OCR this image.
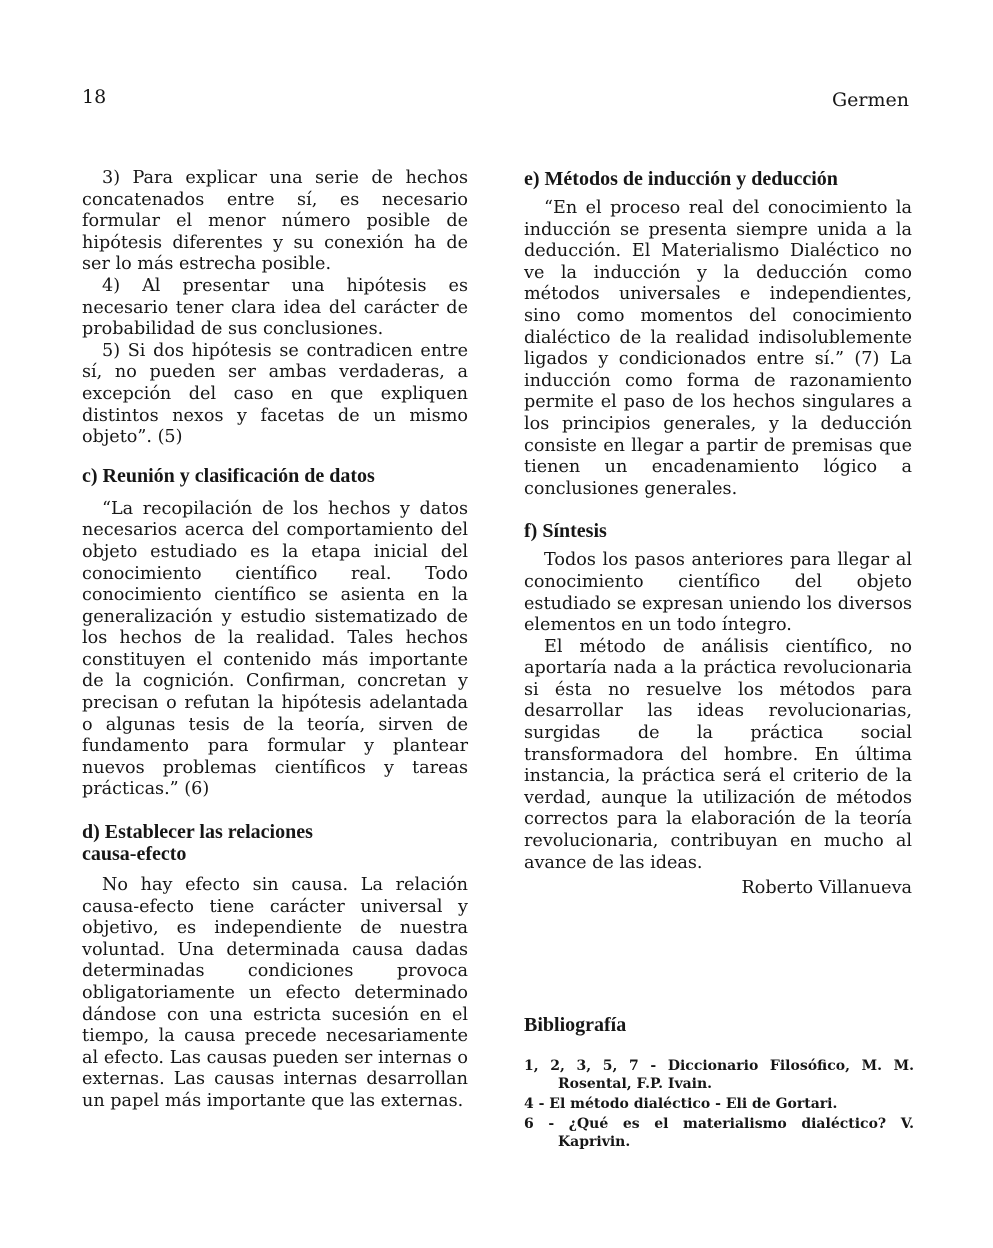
18	Germen

3) Para explicar una serie de hechos concatenados entre sí, es necesario formular el menor número posible de hipótesis diferentes y su conexión ha de ser lo más estrecha posible.

4) Al presentar una hipótesis es necesario tener clara idea del carácter de probabilidad de sus conclusiones.

5) Si dos hipótesis se contradicen entre sí, no pueden ser ambas verdaderas, a excepción del caso en que expliquen distintos nexos y facetas de un mismo objeto”. (5)

c) Reunión y clasificación de datos

“La recopilación de los hechos y datos necesarios acerca del comportamiento del objeto estudiado es la etapa inicial del conocimiento científico real. Todo conocimiento científico se asienta en la generalización y estudio sistematizado de los hechos de la realidad. Tales hechos constituyen el contenido más importante de la cognición. Confirman, concretan y precisan o refutan la hipótesis adelantada o algunas tesis de la teoría, sirven de fundamento para formular y plantear nuevos problemas científicos y tareas prácticas.” (6)

d) Establecer las relaciones
causa-efecto

No hay efecto sin causa. La relación causa-efecto tiene carácter universal y objetivo, es independiente de nuestra voluntad. Una determinada causa dadas determinadas condiciones provoca obligatoriamente un efecto determinado dándose con una estricta sucesión en el tiempo, la causa precede necesariamente al efecto. Las causas pueden ser internas o externas. Las causas internas desarrollan un papel más importante que las externas.

e) Métodos de inducción y deducción

“En el proceso real del conocimiento la inducción se presenta siempre unida a la deducción. El Materialismo Dialéctico no ve la inducción y la deducción como métodos universales e independientes, sino como momentos del conocimiento dialéctico de la realidad indisolublemente ligados y condicionados entre sí.” (7) La inducción como forma de razonamiento permite el paso de los hechos singulares a los principios generales, y la deducción consiste en llegar a partir de premisas que tienen un encadenamiento lógico a conclusiones generales.

f) Síntesis

Todos los pasos anteriores para llegar al conocimiento científico del objeto estudiado se expresan uniendo los diversos elementos en un todo íntegro.

El método de análisis científico, no aportaría nada a la práctica revolucionaria si ésta no resuelve los métodos para desarrollar las ideas revolucionarias, surgidas de la práctica social transformadora del hombre. En última instancia, la práctica será el criterio de la verdad, aunque la utilización de métodos correctos para la elaboración de la teoría revolucionaria, contribuyan en mucho al avance de las ideas.

Roberto Villanueva

Bibliografía

1, 2, 3, 5, 7 - Diccionario Filosófico, M. M. Rosental, F.P. Ivain.

4 - El método dialéctico - Eli de Gortari.

6 - ¿Qué es el materialismo dialéctico? V. Kaprivin.
